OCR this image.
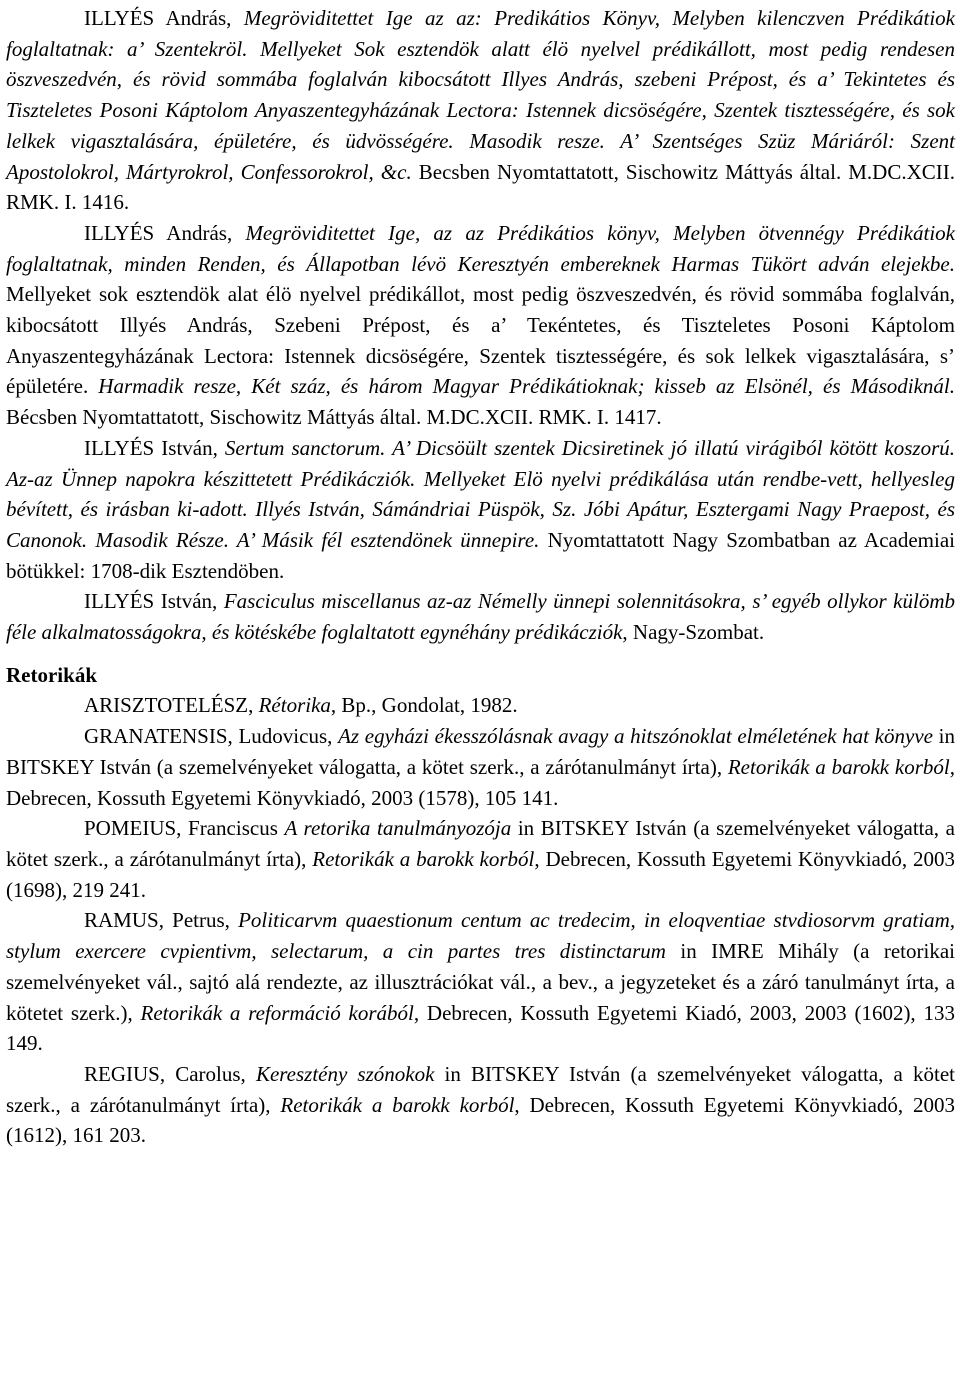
ILLYÉS András, Megröviditettet Ige az az: Predikátios Könyv, Melyben kilenczven Prédikátiok foglaltatnak: a’ Szentekröl. Mellyeket Sok esztendök alatt élö nyelvel prédikállott, most pedig rendesen öszveszedvén, és rövid sommába foglalván kibocsátott Illyes András, szebeni Prépost, és a’ Tekintetes és Tiszteletes Posoni Káptolom Anyaszentegyházának Lectora: Istennek dicsöségére, Szentek tisztességére, és sok lelkek vigasztalására, épületére, és üdvösségére. Masodik resze. A’ Szentséges Szüz Máriáról: Szent Apostolokrol, Mártyrokrol, Confessorokrol, &c. Becsben Nyomtattatott, Sischowitz Máttyás által. M.DC.XCII. RMK. I. 1416.

ILLYÉS András, Megröviditettet Ige, az az Prédikátios könyv, Melyben ötvennégy Prédikátiok foglaltatnak, minden Renden, és Állapotban lévö Keresztyén embereknek Harmas Tükört adván elejekbe. Mellyeket sok esztendök alat élö nyelvel prédikállot, most pedig öszveszedvén, és rövid sommába foglalván, kibocsátott Illyés András, Szebeni Prépost, és a’ Teкéntetes, és Tiszteletes Posoni Káptolom Anyaszentegyházának Lectora: Istennek dicsöségére, Szentek tisztességére, és sok lelkek vigasztalására, s’ épületére. Harmadik resze, Két száz, és három Magyar Prédikátioknak; kisseb az Elsönél, és Másodiknál. Bécsben Nyomtattatott, Sischowitz Máttyás által. M.DC.XCII. RMK. I. 1417.

ILLYÉS István, Sertum sanctorum. A’ Dicsöült szentek Dicsiretinek jó illatú virágiból kötött koszorú. Az-az Ünnep napokra készittetett Prédikácziók. Mellyeket Elö nyelvi prédikálása után rendbe-vett, hellyesleg bévített, és irásban ki-adott. Illyés István, Sámándriai Püspök, Sz. Jóbi Apátur, Esztergami Nagy Praepost, és Canonok. Masodik Része. A’ Másik fél esztendönek ünnepire. Nyomtattatott Nagy Szombatban az Academiai bötükkel: 1708-dik Esztendöben.

ILLYÉS István, Fasciculus miscellanus az-az Némelly ünnepi solennitásokra, s’ egyéb ollykor külömb féle alkalmatosságokra, és kötéskébe foglaltatott egynéhány prédikácziók, Nagy-Szombat.

Retorikák

ARISZTOTELÉSZ, Rétorika, Bp., Gondolat, 1982.

GRANATENSIS, Ludovicus, Az egyházi ékesszólásnak avagy a hitszónoklat elméletének hat könyve in BITSKEY István (a szemelvényeket válogatta, a kötet szerk., a zárótanulmányt írta), Retorikák a barokk korból, Debrecen, Kossuth Egyetemi Könyvkiadó, 2003 (1578), 105 141.

POMEIUS, Franciscus A retorika tanulmányozója in BITSKEY István (a szemelvényeket válogatta, a kötet szerk., a zárótanulmányt írta), Retorikák a barokk korból, Debrecen, Kossuth Egyetemi Könyvkiadó, 2003 (1698), 219 241.

RAMUS, Petrus, Politicarvm quaestionum centum ac tredecim, in eloqventiae stvdiosorvm gratiam, stylum exercere cvpientivm, selectarum, a cin partes tres distinctarum in IMRE Mihály (a retorikai szemelvényeket vál., sajtó alá rendezte, az illusztrációkat vál., a bev., a jegyzeteket és a záró tanulmányt írta, a kötetet szerk.), Retorikák a reformáció korából, Debrecen, Kossuth Egyetemi Kiadó, 2003, 2003 (1602), 133 149.

REGIUS, Carolus, Keresztény szónokok in BITSKEY István (a szemelvényeket válogatta, a kötet szerk., a zárótanulmányt írta), Retorikák a barokk korból, Debrecen, Kossuth Egyetemi Könyvkiadó, 2003 (1612), 161 203.
